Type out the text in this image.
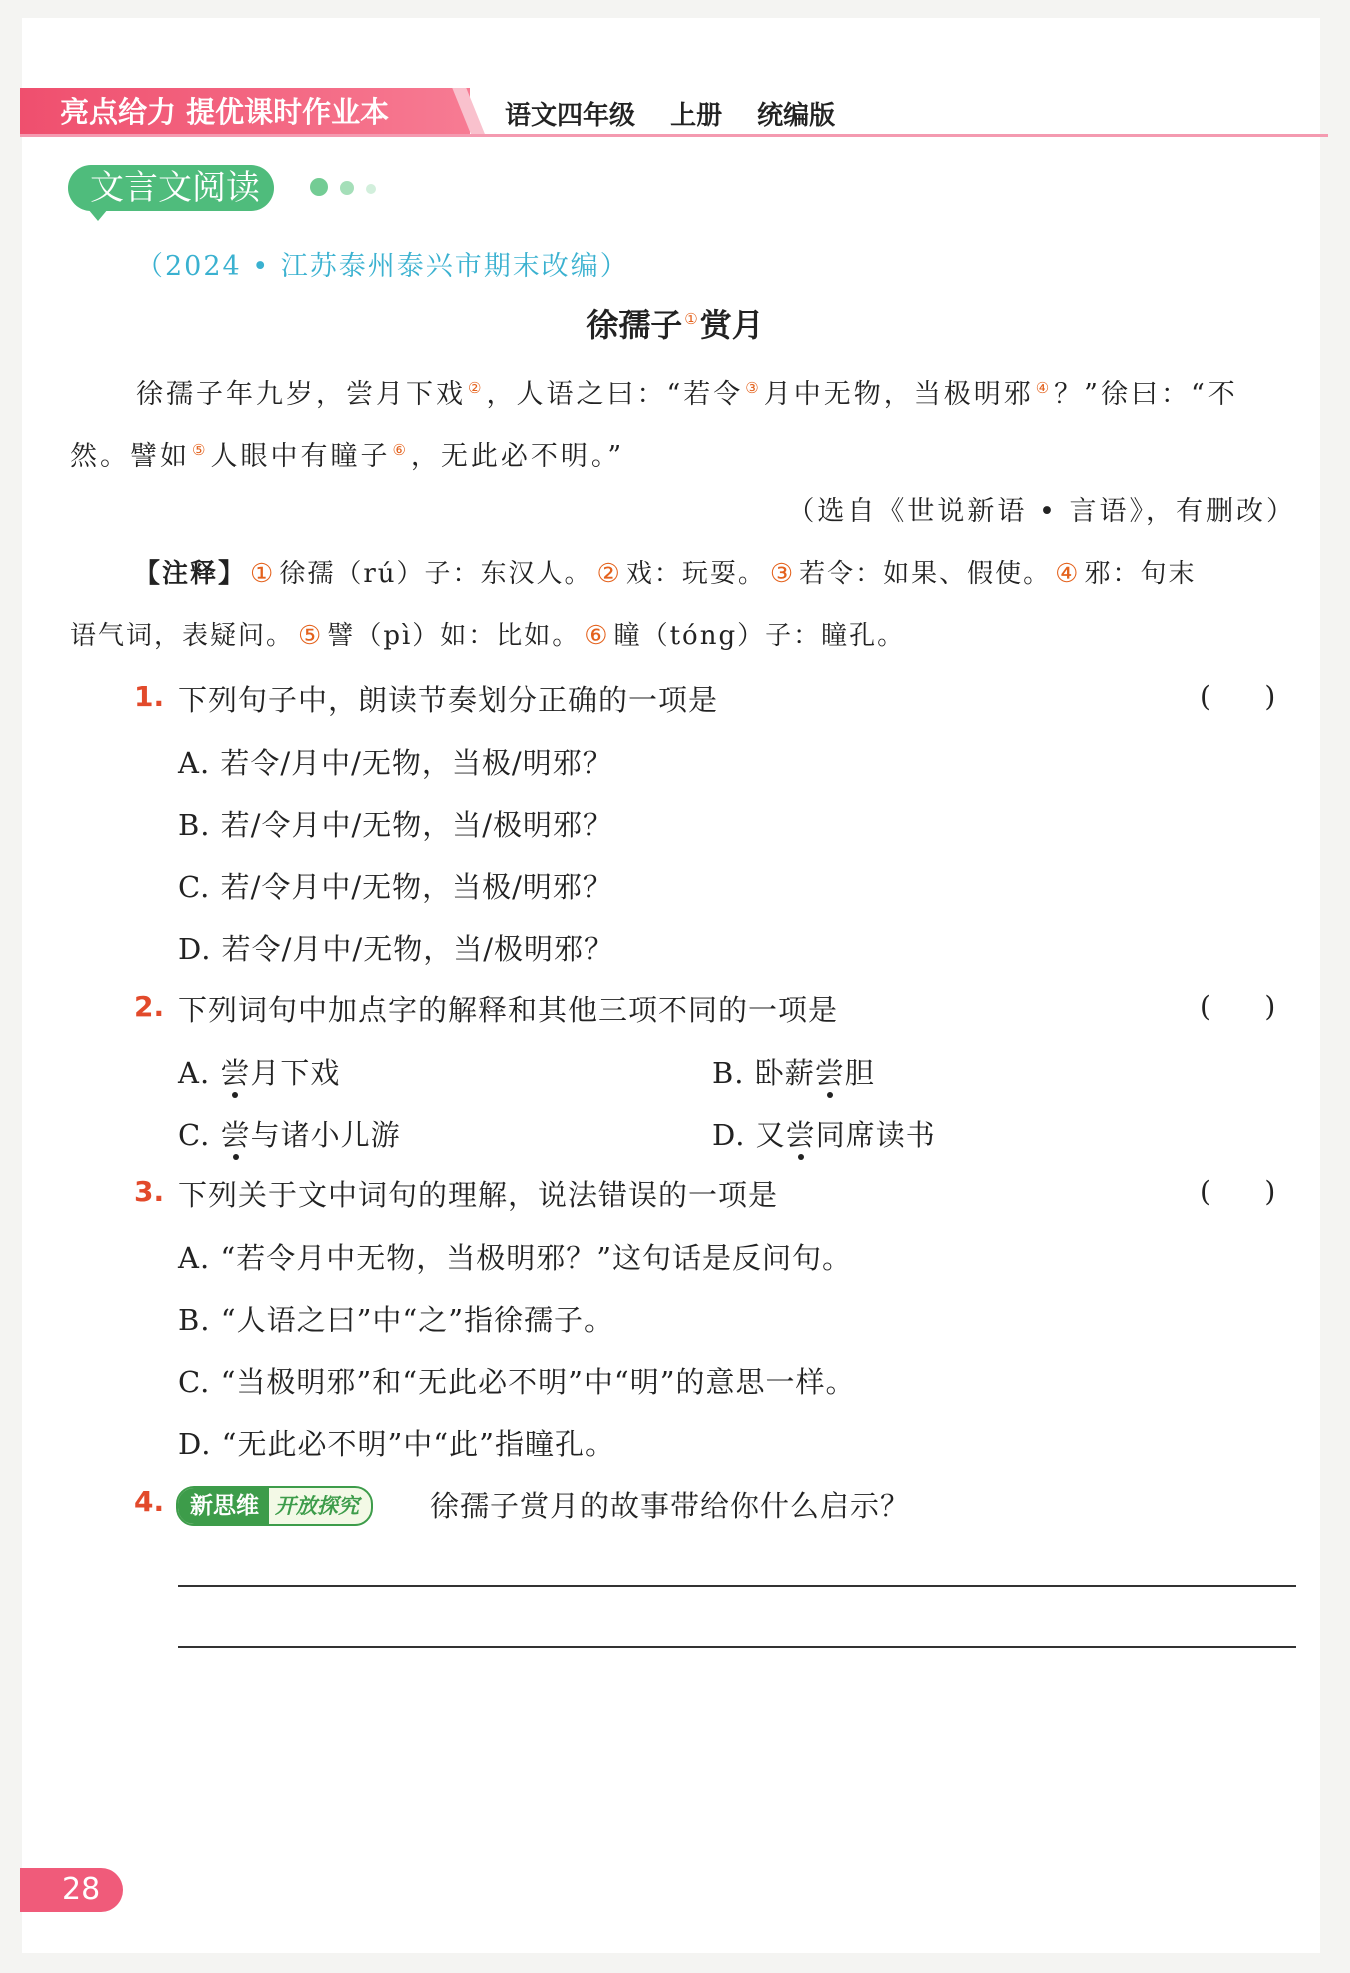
亮点给力 提优课时作业本	语文四年级 上册 统编版
文言文阅读
（2024 • 江苏泰州泰兴市期末改编）
徐孺子 ①赏月
徐孺子年九岁，尝月下戏 ②，人语之曰：“若令 ③月中无物，当极明邪 ④？”徐曰：“不
然。譬如 ⑤人眼中有瞳子 ⑥，无此必不明。”
（选自《世说新语 • 言语》，有删改）
【注释】 ① 徐孺（rú）子：东汉人。 ② 戏：玩耍。 ③ 若令：如果、假使。 ④ 邪：句末
语气词，表疑问。 ⑤ 譬（pì）如：比如。 ⑥ 瞳（tóng）子：瞳孔。
1. 下列句子中，朗读节奏划分正确的一项是	(      )
A. 若令/月中/无物，当极/明邪？
B. 若/令月中/无物，当/极明邪？
C. 若/令月中/无物，当极/明邪？
D. 若令/月中/无物，当/极明邪？
2. 下列词句中加点字的解释和其他三项不同的一项是	(      )
A. 尝月下戏	B. 卧薪尝胆
C. 尝与诸小儿游	D. 又尝同席读书
3. 下列关于文中词句的理解，说法错误的一项是	(      )
A. “若令月中无物，当极明邪？”这句话是反问句。
B. “人语之曰”中“之”指徐孺子。
C. “当极明邪”和“无此必不明”中“明”的意思一样。
D. “无此必不明”中“此”指瞳孔。
4.	新思维 开放探究	徐孺子赏月的故事带给你什么启示？
28
